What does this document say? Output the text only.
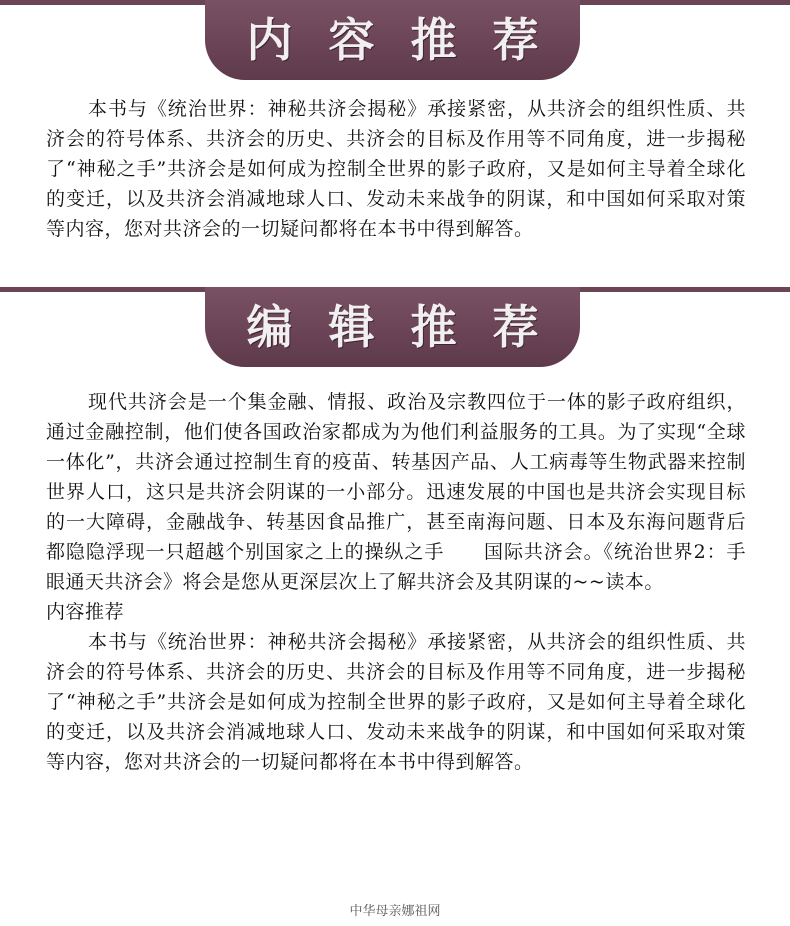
内容推荐

本书与《统治世界：神秘共济会揭秘》承接紧密，从共济会的组织性质、共济会的符号体系、共济会的历史、共济会的目标及作用等不同角度，进一步揭秘了“神秘之手”共济会是如何成为控制全世界的影子政府，又是如何主导着全球化的变迁，以及共济会消减地球人口、发动未来战争的阴谋，和中国如何采取对策等内容，您对共济会的一切疑问都将在本书中得到解答。

编辑推荐

现代共济会是一个集金融、情报、政治及宗教四位于一体的影子政府组织，通过金融控制，他们使各国政治家都成为为他们利益服务的工具。为了实现“全球一体化”，共济会通过控制生育的疫苗、转基因产品、人工病毒等生物武器来控制世界人口，这只是共济会阴谋的一小部分。迅速发展的中国也是共济会实现目标的一大障碍，金融战争、转基因食品推广，甚至南海问题、日本及东海问题背后都隐隐浮现一只超越个别国家之上的操纵之手　　国际共济会。《统治世界2：手眼通天共济会》将会是您从更深层次上了解共济会及其阴谋的~~读本。

内容推荐

本书与《统治世界：神秘共济会揭秘》承接紧密，从共济会的组织性质、共济会的符号体系、共济会的历史、共济会的目标及作用等不同角度，进一步揭秘了“神秘之手”共济会是如何成为控制全世界的影子政府，又是如何主导着全球化的变迁，以及共济会消减地球人口、发动未来战争的阴谋，和中国如何采取对策等内容，您对共济会的一切疑问都将在本书中得到解答。

中华母亲娜祖网
